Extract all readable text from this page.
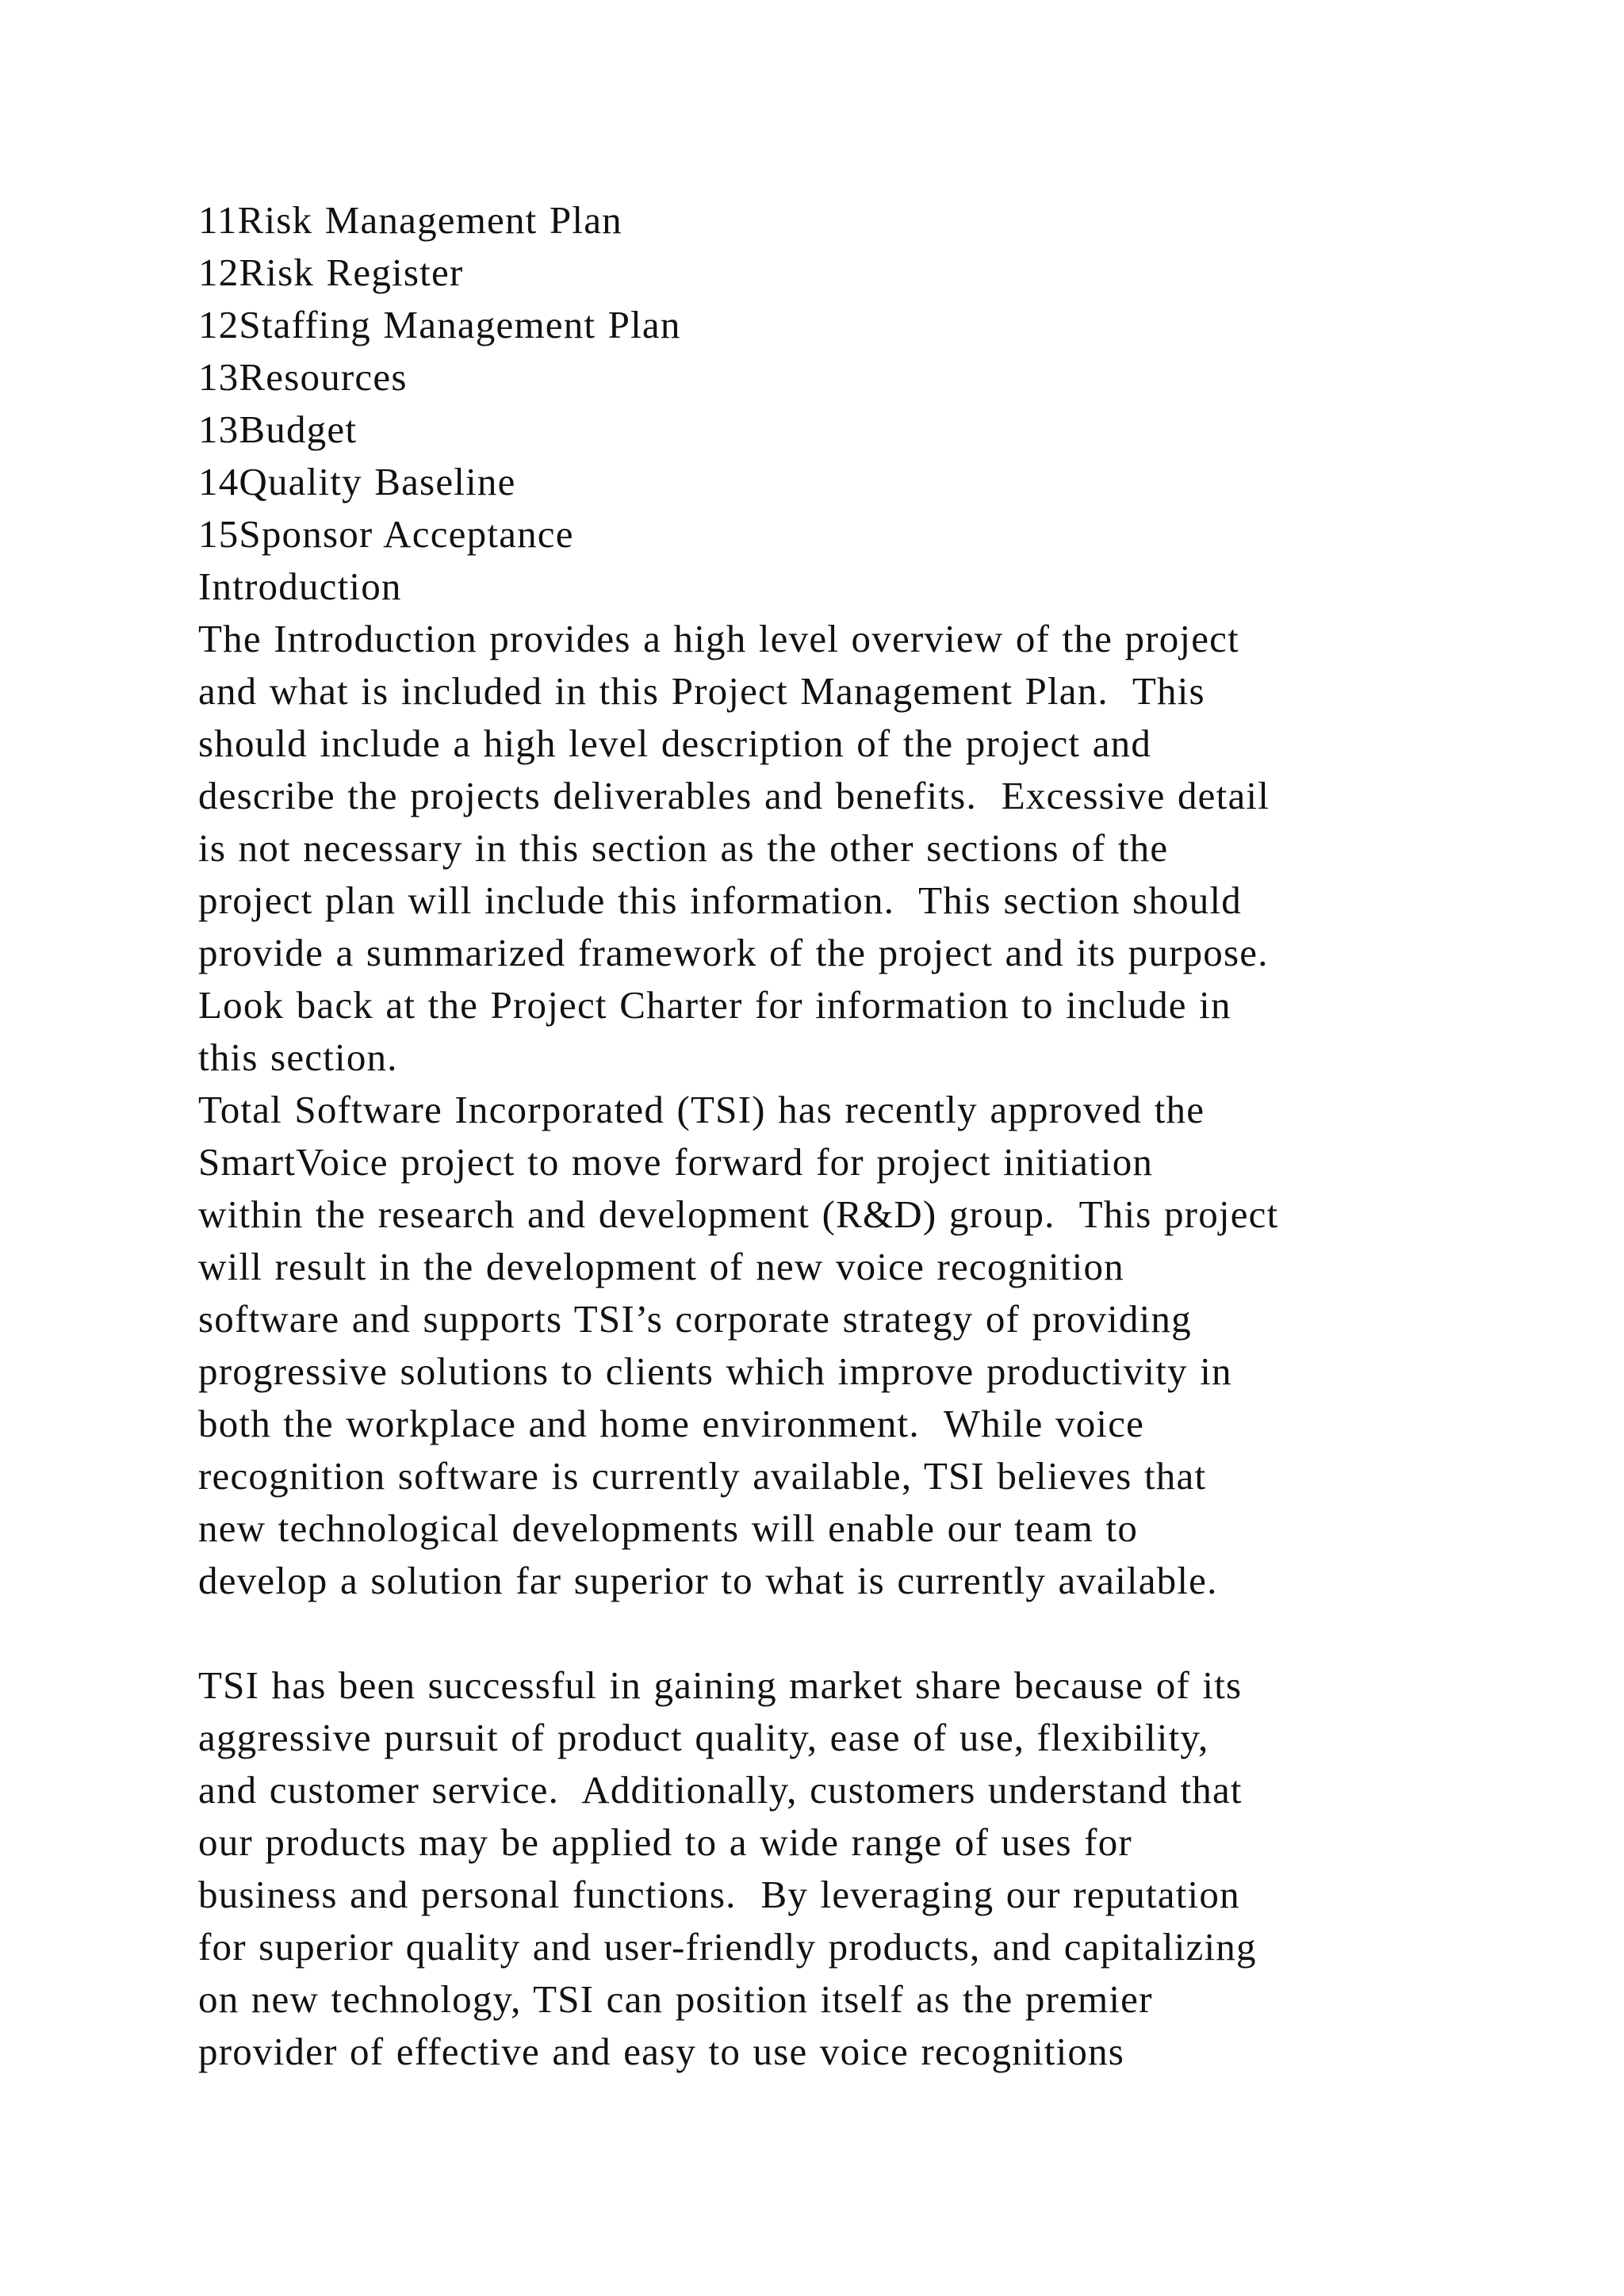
11Risk Management Plan
12Risk Register
12Staffing Management Plan
13Resources
13Budget
14Quality Baseline
15Sponsor Acceptance
Introduction
The Introduction provides a high level overview of the project
and what is included in this Project Management Plan.  This
should include a high level description of the project and
describe the projects deliverables and benefits.  Excessive detail
is not necessary in this section as the other sections of the
project plan will include this information.  This section should
provide a summarized framework of the project and its purpose.
Look back at the Project Charter for information to include in
this section.
Total Software Incorporated (TSI) has recently approved the
SmartVoice project to move forward for project initiation
within the research and development (R&D) group.  This project
will result in the development of new voice recognition
software and supports TSI’s corporate strategy of providing
progressive solutions to clients which improve productivity in
both the workplace and home environment.  While voice
recognition software is currently available, TSI believes that
new technological developments will enable our team to
develop a solution far superior to what is currently available.
TSI has been successful in gaining market share because of its
aggressive pursuit of product quality, ease of use, flexibility,
and customer service.  Additionally, customers understand that
our products may be applied to a wide range of uses for
business and personal functions.  By leveraging our reputation
for superior quality and user-friendly products, and capitalizing
on new technology, TSI can position itself as the premier
provider of effective and easy to use voice recognitions
